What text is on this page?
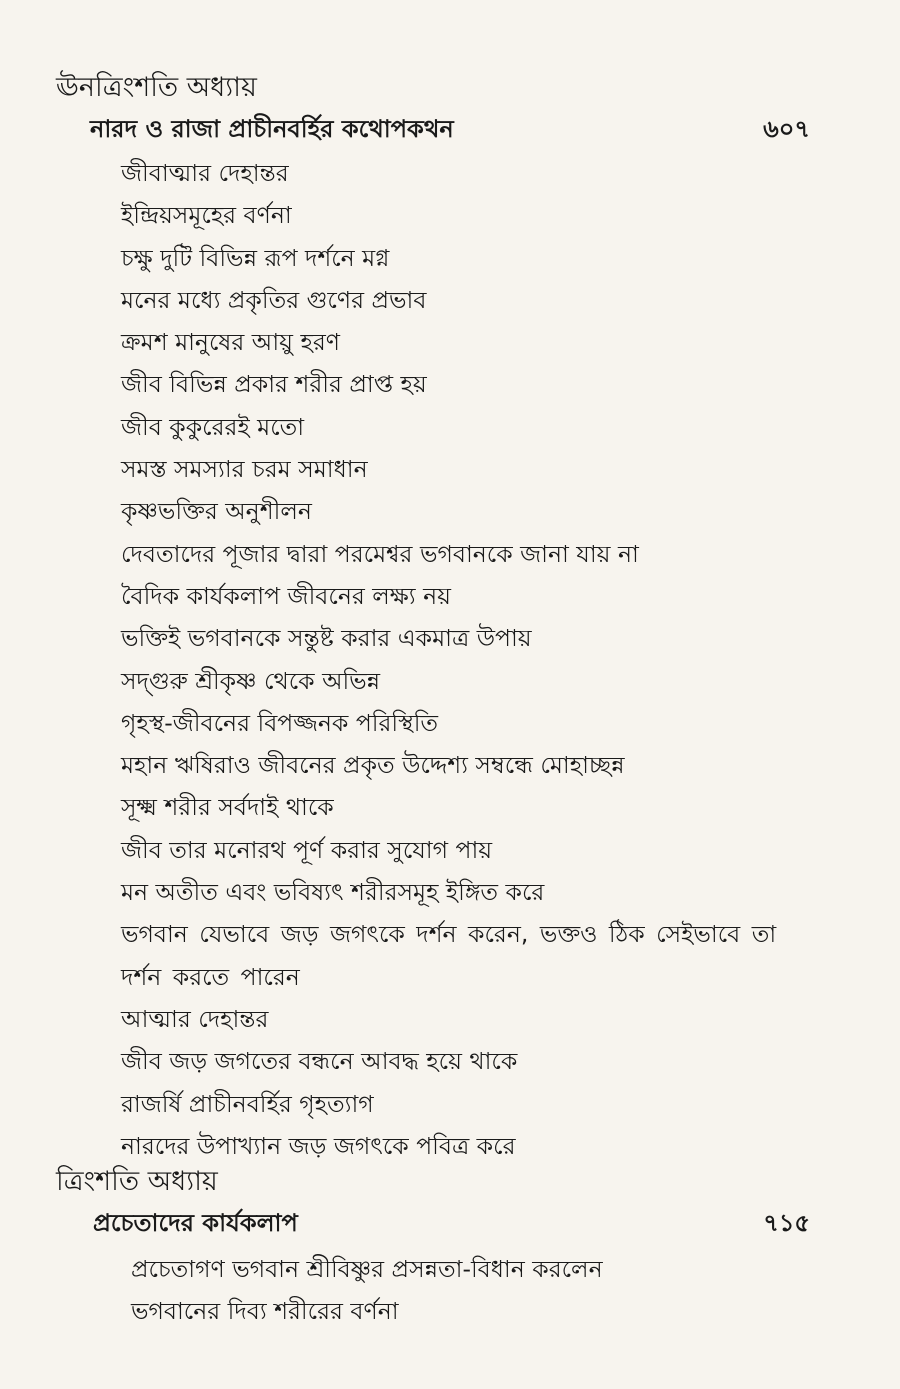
ঊনত্রিংশতি অধ্যায়
নারদ ও রাজা প্রাচীনবর্হির কথোপকথন	৬০৭
জীবাত্মার দেহান্তর
ইন্দ্রিয়সমূহের বর্ণনা
চক্ষু দুটি বিভিন্ন রূপ দর্শনে মগ্ন
মনের মধ্যে প্রকৃতির গুণের প্রভাব
ক্রমশ মানুষের আয়ু হরণ
জীব বিভিন্ন প্রকার শরীর প্রাপ্ত হয়
জীব কুকুরেরই মতো
সমস্ত সমস্যার চরম সমাধান
কৃষ্ণভক্তির অনুশীলন
দেবতাদের পূজার দ্বারা পরমেশ্বর ভগবানকে জানা যায় না
বৈদিক কার্যকলাপ জীবনের লক্ষ্য নয়
ভক্তিই ভগবানকে সন্তুষ্ট করার একমাত্র উপায়
সদ্‌গুরু শ্রীকৃষ্ণ থেকে অভিন্ন
গৃহস্থ-জীবনের বিপজ্জনক পরিস্থিতি
মহান ঋষিরাও জীবনের প্রকৃত উদ্দেশ্য সম্বন্ধে মোহাচ্ছন্ন
সূক্ষ্ম শরীর সর্বদাই থাকে
জীব তার মনোরথ পূর্ণ করার সুযোগ পায়
মন অতীত এবং ভবিষ্যৎ শরীরসমূহ ইঙ্গিত করে
ভগবান যেভাবে জড় জগৎকে দর্শন করেন, ভক্তও ঠিক সেইভাবে তা দর্শন করতে পারেন
আত্মার দেহান্তর
জীব জড় জগতের বন্ধনে আবদ্ধ হয়ে থাকে
রাজর্ষি প্রাচীনবর্হির গৃহত্যাগ
নারদের উপাখ্যান জড় জগৎকে পবিত্র করে
ত্রিংশতি অধ্যায়
প্রচেতাদের কার্যকলাপ	৭১৫
প্রচেতাগণ ভগবান শ্রীবিষ্ণুর প্রসন্নতা-বিধান করলেন
ভগবানের দিব্য শরীরের বর্ণনা
